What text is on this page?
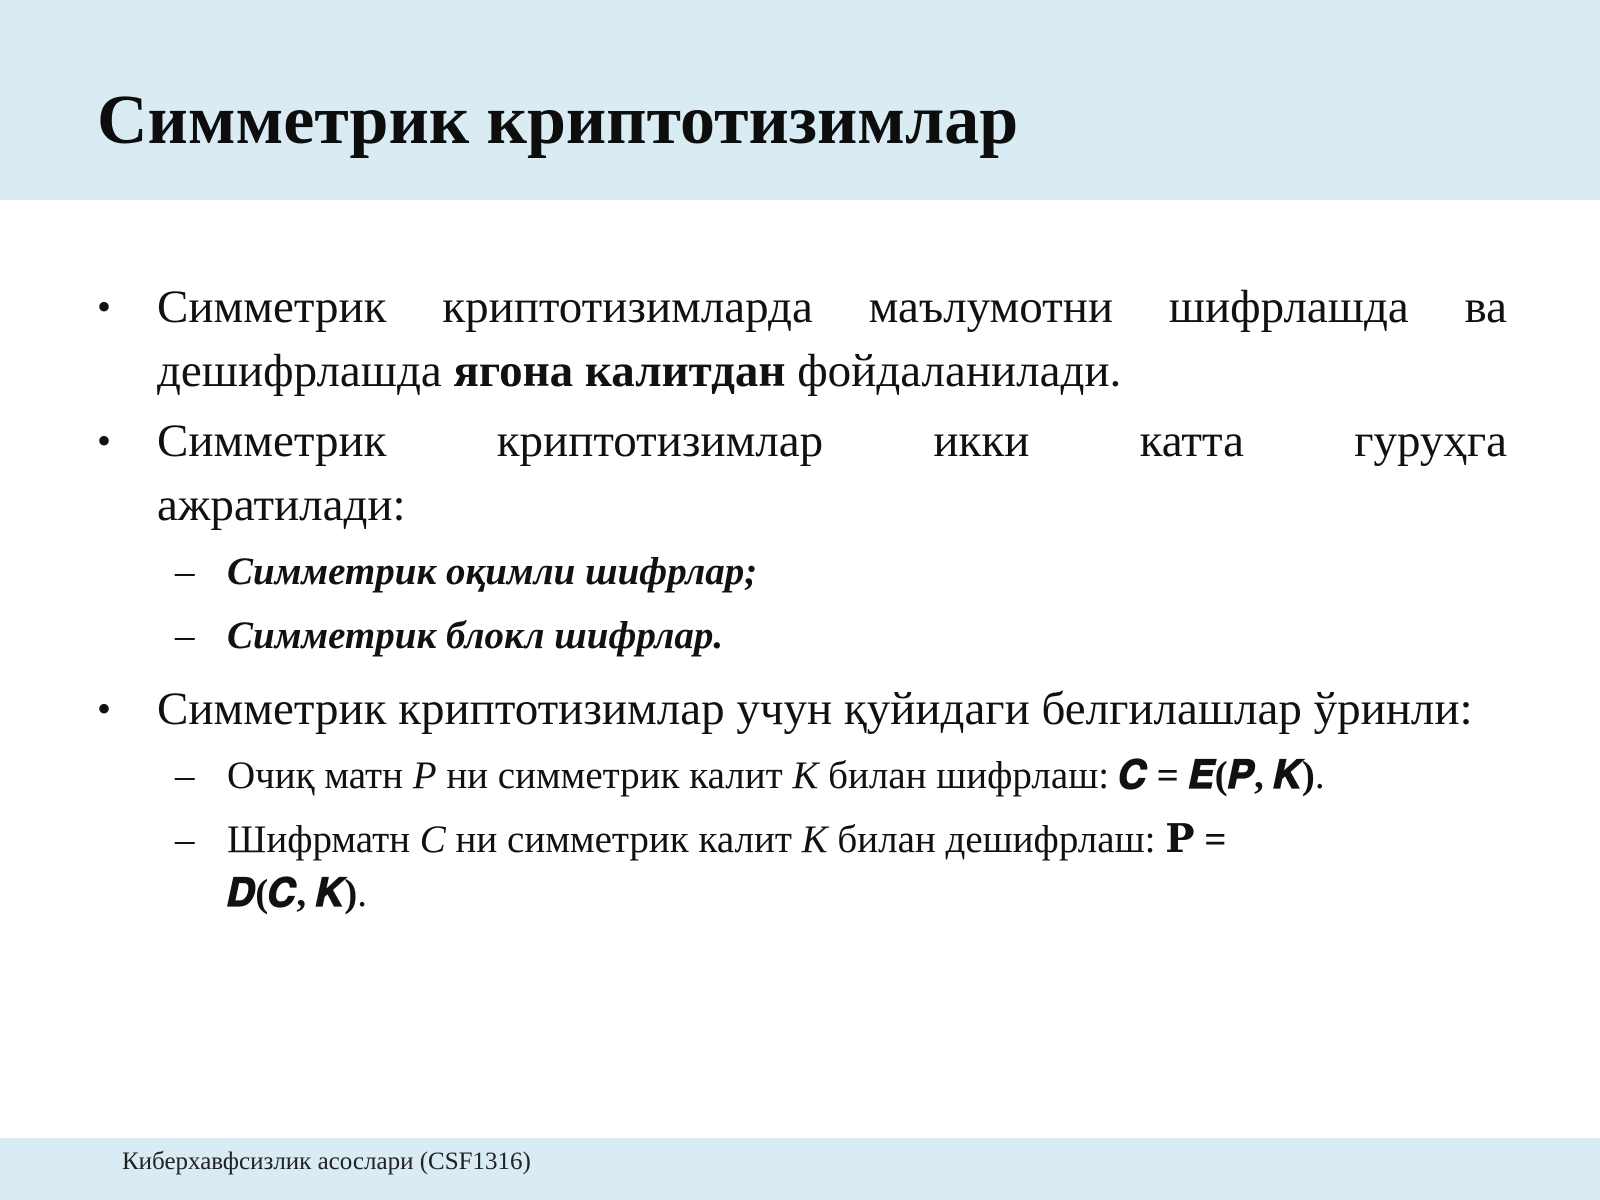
Симметрик криптотизимлар
• Симметрик криптотизимларда маълумотни шифрлашда ва дешифрлашда ягона калитдан фойдаланилади.
• Симметрик криптотизимлар икки катта гуруҳга
ажратилади:
– Симметрик оқимли шифрлар;
– Симметрик блокл шифрлар.
• Симметрик криптотизимлар учун қуйидаги белгилашлар ўринли:
– Очиқ матн P ни симметрик калит K билан шифрлаш: 𝑪 = 𝑬(𝑷, 𝑲).
– Шифрматн C ни симметрик калит K билан дешифрлаш: 𝐏 =
𝑫(𝑪, 𝑲).
Киберхавфсизлик асослари (CSF1316)
